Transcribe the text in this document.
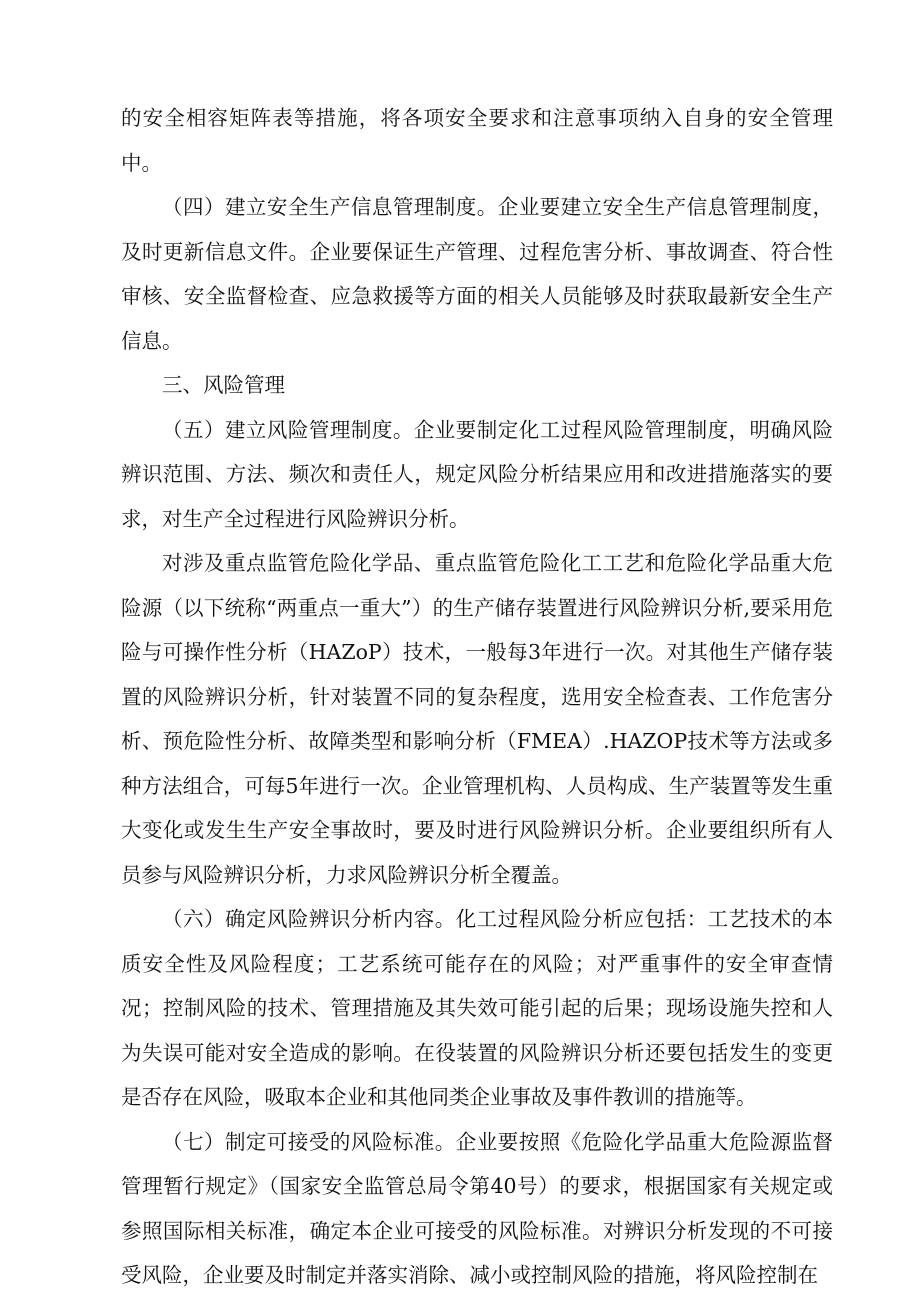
的安全相容矩阵表等措施，将各项安全要求和注意事项纳入自身的安全管理中。

（四）建立安全生产信息管理制度。企业要建立安全生产信息管理制度，及时更新信息文件。企业要保证生产管理、过程危害分析、事故调查、符合性审核、安全监督检查、应急救援等方面的相关人员能够及时获取最新安全生产信息。

三、风险管理

（五）建立风险管理制度。企业要制定化工过程风险管理制度，明确风险辨识范围、方法、频次和责任人，规定风险分析结果应用和改进措施落实的要求，对生产全过程进行风险辨识分析。

对涉及重点监管危险化学品、重点监管危险化工工艺和危险化学品重大危险源（以下统称“两重点一重大”）的生产储存装置进行风险辨识分析,要采用危险与可操作性分析（HAZoP）技术，一般每3年进行一次。对其他生产储存装置的风险辨识分析，针对装置不同的复杂程度，选用安全检查表、工作危害分析、预危险性分析、故障类型和影响分析（FMEA）.HAZOP技术等方法或多种方法组合，可每5年进行一次。企业管理机构、人员构成、生产装置等发生重大变化或发生生产安全事故时，要及时进行风险辨识分析。企业要组织所有人员参与风险辨识分析，力求风险辨识分析全覆盖。

（六）确定风险辨识分析内容。化工过程风险分析应包括：工艺技术的本质安全性及风险程度；工艺系统可能存在的风险；对严重事件的安全审查情况；控制风险的技术、管理措施及其失效可能引起的后果；现场设施失控和人为失误可能对安全造成的影响。在役装置的风险辨识分析还要包括发生的变更是否存在风险，吸取本企业和其他同类企业事故及事件教训的措施等。

（七）制定可接受的风险标准。企业要按照《危险化学品重大危险源监督管理暂行规定》（国家安全监管总局令第40号）的要求，根据国家有关规定或参照国际相关标准，确定本企业可接受的风险标准。对辨识分析发现的不可接受风险，企业要及时制定并落实消除、减小或控制风险的措施，将风险控制在
